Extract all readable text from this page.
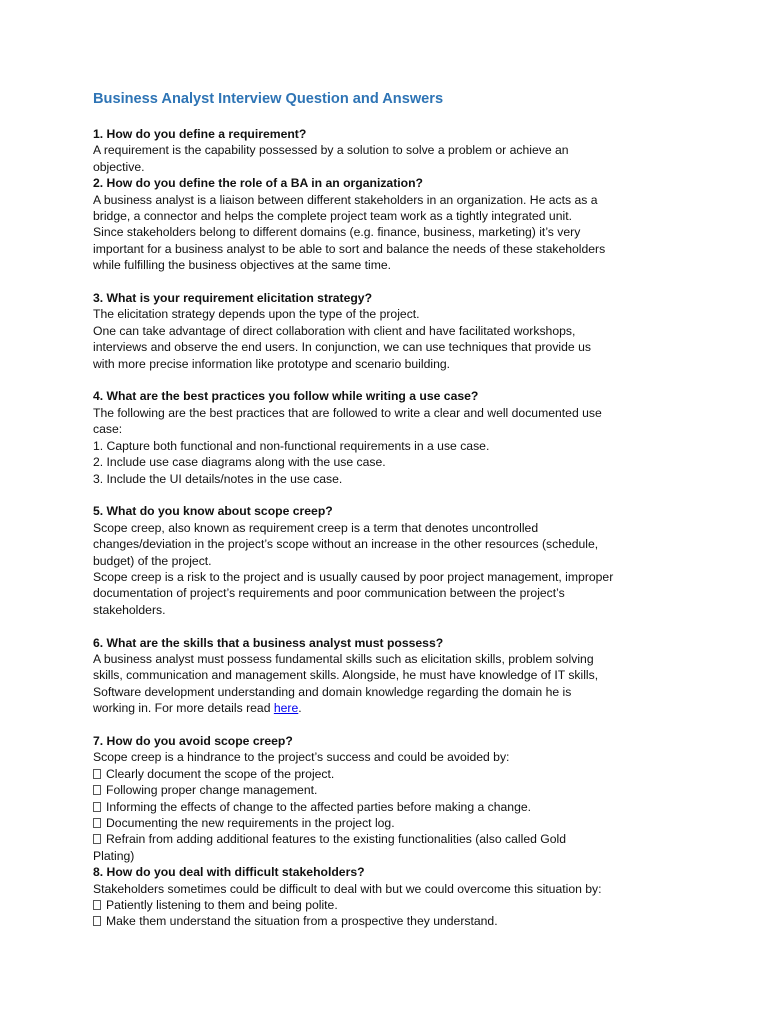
Business Analyst Interview Question and Answers
1. How do you define a requirement?
A requirement is the capability possessed by a solution to solve a problem or achieve an
objective.
2. How do you define the role of a BA in an organization?
A business analyst is a liaison between different stakeholders in an organization. He acts as a
bridge, a connector and helps the complete project team work as a tightly integrated unit.
Since stakeholders belong to different domains (e.g. finance, business, marketing) it’s very
important for a business analyst to be able to sort and balance the needs of these stakeholders
while fulfilling the business objectives at the same time.
3. What is your requirement elicitation strategy?
The elicitation strategy depends upon the type of the project.
One can take advantage of direct collaboration with client and have facilitated workshops,
interviews and observe the end users. In conjunction, we can use techniques that provide us
with more precise information like prototype and scenario building.
4. What are the best practices you follow while writing a use case?
The following are the best practices that are followed to write a clear and well documented use
case:
1. Capture both functional and non-functional requirements in a use case.
2. Include use case diagrams along with the use case.
3. Include the UI details/notes in the use case.
5. What do you know about scope creep?
Scope creep, also known as requirement creep is a term that denotes uncontrolled
changes/deviation in the project’s scope without an increase in the other resources (schedule,
budget) of the project.
Scope creep is a risk to the project and is usually caused by poor project management, improper
documentation of project’s requirements and poor communication between the project’s
stakeholders.
6. What are the skills that a business analyst must possess?
A business analyst must possess fundamental skills such as elicitation skills, problem solving
skills, communication and management skills. Alongside, he must have knowledge of IT skills,
Software development understanding and domain knowledge regarding the domain he is
working in. For more details read here.
7. How do you avoid scope creep?
Scope creep is a hindrance to the project’s success and could be avoided by:
Clearly document the scope of the project.
Following proper change management.
Informing the effects of change to the affected parties before making a change.
Documenting the new requirements in the project log.
Refrain from adding additional features to the existing functionalities (also called Gold
Plating)
8. How do you deal with difficult stakeholders?
Stakeholders sometimes could be difficult to deal with but we could overcome this situation by:
Patiently listening to them and being polite.
Make them understand the situation from a prospective they understand.
